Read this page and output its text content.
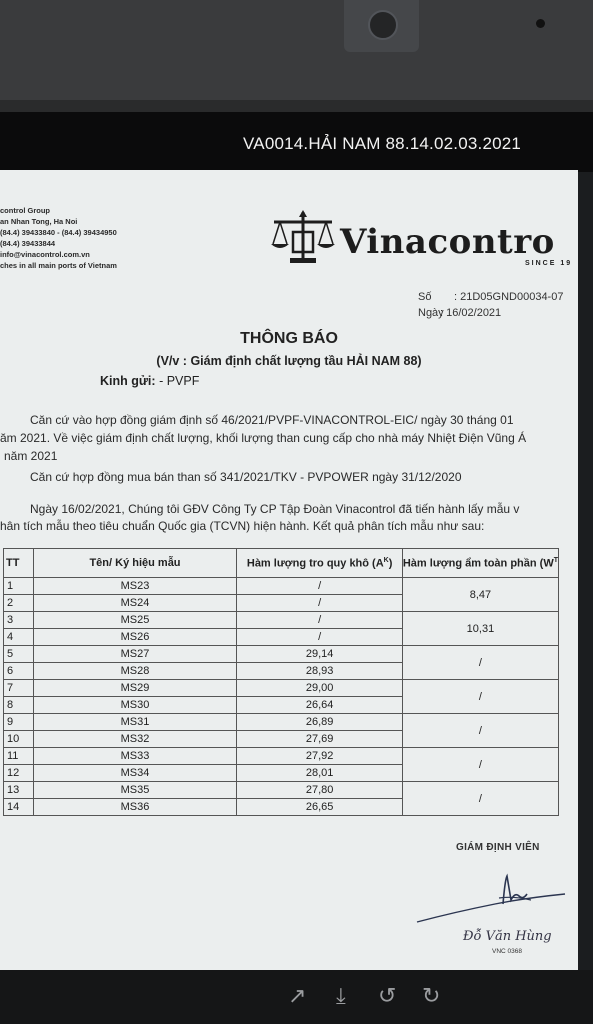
VA0014.HẢI NAM 88.14.02.03.2021
control Group
an Nhan Tong, Ha Noi
(84.4) 39433840 - (84.4) 39434950
(84.4) 39433844
info@vinacontrol.com.vn
ches in all main ports of Vietnam
Vinacontro
SINCE 19
Số : 21D05GND00034-07
Ngày: 16/02/2021
THÔNG BÁO
(V/v : Giám định chất lượng tầu HẢI NAM 88)
Kinh gửi: - PVPF
Căn cứ vào hợp đồng giám định số 46/2021/PVPF-VINACONTROL-EIC/ ngày 30 tháng 01
ăm 2021. Về việc giám định chất lượng, khối lượng than cung cấp cho nhà máy Nhiệt Điện Vũng Á
năm 2021
Căn cứ hợp đồng mua bán than số 341/2021/TKV - PVPOWER ngày 31/12/2020
Ngày 16/02/2021, Chúng tôi GĐV Công Ty CP Tập Đoàn Vinacontrol đã tiến hành lấy mẫu v
hân tích mẫu theo tiêu chuẩn Quốc gia (TCVN) hiện hành. Kết quả phân tích mẫu như sau:
TT	Tên/ Ký hiệu mẫu	Hàm lượng tro quy khô $(A^K)$	Hàm lượng ẩm toàn phần ($W^T$
1	MS23	/	8,47
2	MS24	/	
3	MS25	/	10,31
4	MS26	/	
5	MS27	29,14	/
6	MS28	28,93	
7	MS29	29,00	/
8	MS30	26,64	
9	MS31	26,89	/
10	MS32	27,69	
11	MS33	27,92	/
12	MS34	28,01	
13	MS35	27,80	/
14	MS36	26,65	
GIÁM ĐỊNH VIÊN
Đỗ Văn Hùng
VNC 0368
↗ ⤓ ↺ ↻
